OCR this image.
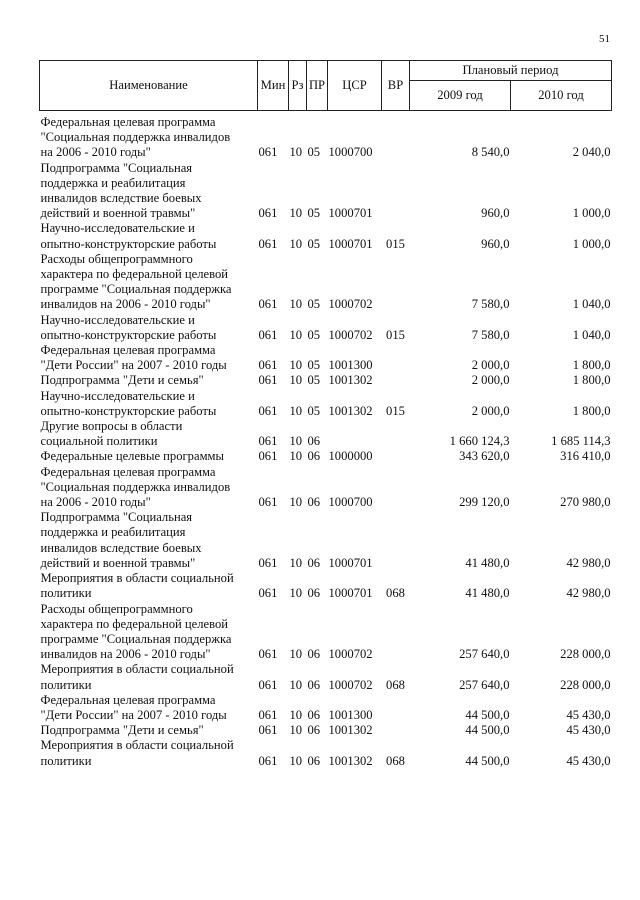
51
Наименование	Мин	Рз	ПР	ЦСР	ВР	Плановый период	
						2009 год	2010 год

Федеральная целевая программа
"Социальная поддержка инвалидов
на 2006 - 2010 годы"	061	10	05	1000700		8 540,0	2 040,0

Подпрограмма "Социальная
поддержка и реабилитация
инвалидов вследствие боевых
действий и военной травмы"	061	10	05	1000701		960,0	1 000,0

Научно-исследовательские и
опытно-конструкторские работы	061	10	05	1000701	015	960,0	1 000,0

Расходы общепрограммного
характера по федеральной целевой
программе "Социальная поддержка
инвалидов на 2006 - 2010 годы"	061	10	05	1000702		7 580,0	1 040,0

Научно-исследовательские и
опытно-конструкторские работы	061	10	05	1000702	015	7 580,0	1 040,0

Федеральная целевая программа
"Дети России" на 2007 - 2010 годы	061	10	05	1001300		2 000,0	1 800,0

Подпрограмма "Дети и семья"	061	10	05	1001302		2 000,0	1 800,0

Научно-исследовательские и
опытно-конструкторские работы	061	10	05	1001302	015	2 000,0	1 800,0

Другие вопросы в области
социальной политики	061	10	06			1 660 124,3	1 685 114,3

Федеральные целевые программы	061	10	06	1000000		343 620,0	316 410,0

Федеральная целевая программа
"Социальная поддержка инвалидов
на 2006 - 2010 годы"	061	10	06	1000700		299 120,0	270 980,0

Подпрограмма "Социальная
поддержка и реабилитация
инвалидов вследствие боевых
действий и военной травмы"	061	10	06	1000701		41 480,0	42 980,0

Мероприятия в области социальной
политики	061	10	06	1000701	068	41 480,0	42 980,0

Расходы общепрограммного
характера по федеральной целевой
программе "Социальная поддержка
инвалидов на 2006 - 2010 годы"	061	10	06	1000702		257 640,0	228 000,0

Мероприятия в области социальной
политики	061	10	06	1000702	068	257 640,0	228 000,0

Федеральная целевая программа
"Дети России" на 2007 - 2010 годы	061	10	06	1001300		44 500,0	45 430,0

Подпрограмма "Дети и семья"	061	10	06	1001302		44 500,0	45 430,0

Мероприятия в области социальной
политики	061	10	06	1001302	068	44 500,0	45 430,0
